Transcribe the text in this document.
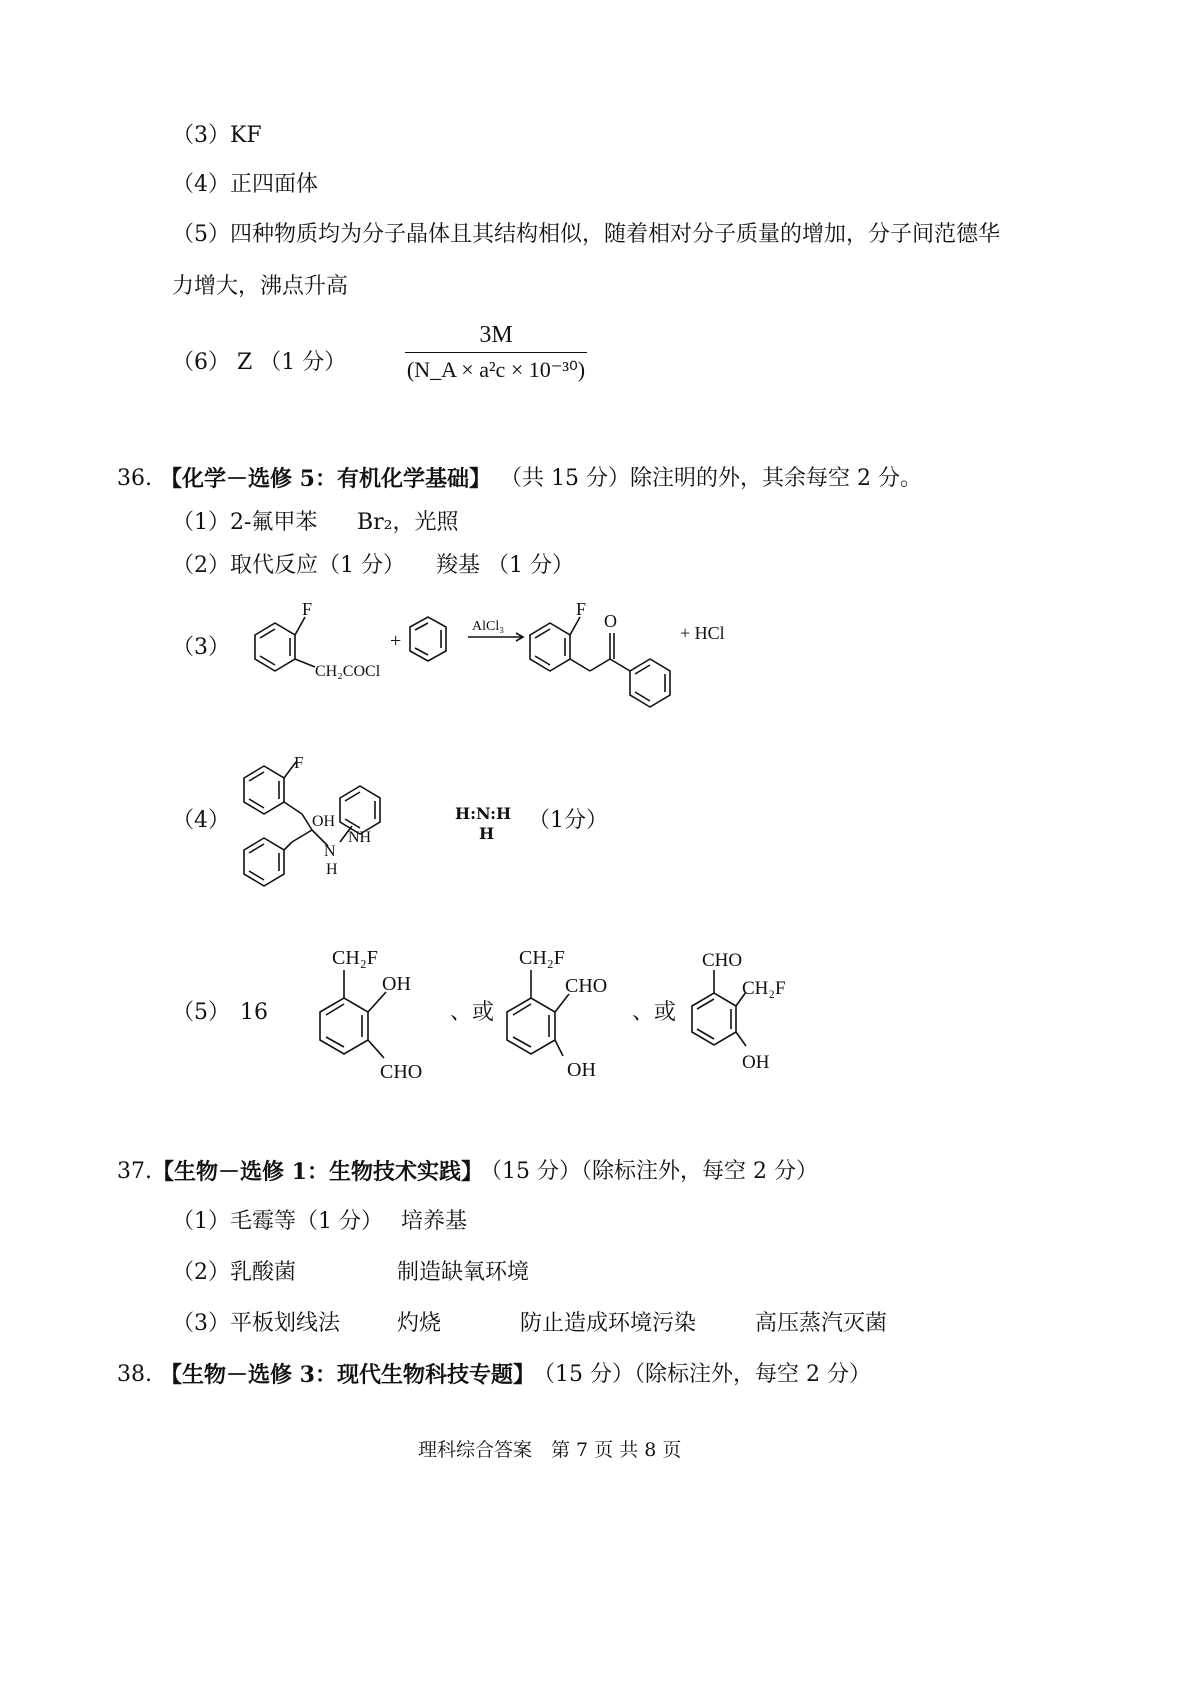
（3）KF
（4）正四面体
（5）四种物质均为分子晶体且其结构相似，随着相对分子质量的增加，分子间范德华
力增大，沸点升高
（6） Z （1 分）
3M
(N_A × a²c × 10⁻³⁰)
36. 【化学－选修 5：有机化学基础】 （共 15 分）除注明的外，其余每空 2 分。
（1） 2-氟甲苯 Br₂，光照
（2） 取代反应（1 分） 羧基 （1 分）
（3）
F
CH₂COCl
+
AlCl₃
F
O
+ HCl
（4）
F
OH
NH
N
H
H:N:H
H
（1分）
（5） 16
CH₂F
OH
CHO
、或
CH₂F
CHO
OH
、或
CHO
CH₂F
OH
37. 【生物－选修 1：生物技术实践】
（15 分）（除标注外，每空 2 分）
（1）毛霉等（1 分） 培养基
（2）乳酸菌	制造缺氧环境
（3）平板划线法	灼烧	防止造成环境污染	高压蒸汽灭菌
38. 【生物－选修 3：现代生物科技专题】
（15 分）（除标注外，每空 2 分）
理科综合答案　第 7 页 共 8 页
